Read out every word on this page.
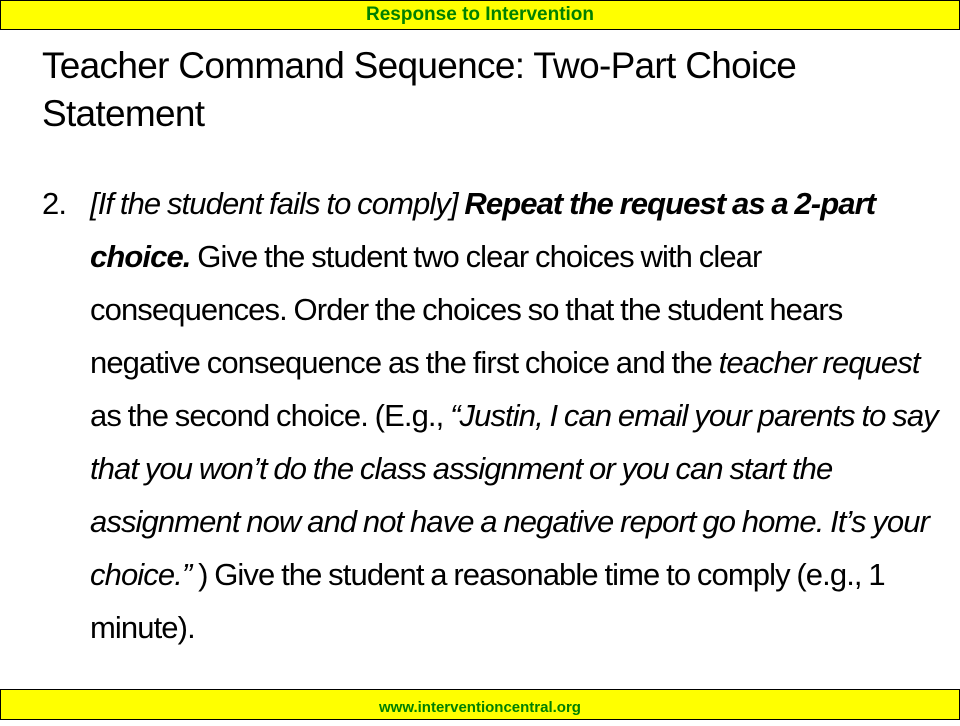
Response to Intervention
Teacher Command Sequence: Two-Part Choice Statement
2. [If the student fails to comply] Repeat the request as a 2-part choice. Give the student two clear choices with clear consequences. Order the choices so that the student hears negative consequence as the first choice and the teacher request as the second choice. (E.g., “Justin, I can email your parents to say that you won’t do the class assignment or you can start the assignment now and not have a negative report go home. It’s your choice.” ) Give the student a reasonable time to comply (e.g., 1 minute).

www.interventioncentral.org
